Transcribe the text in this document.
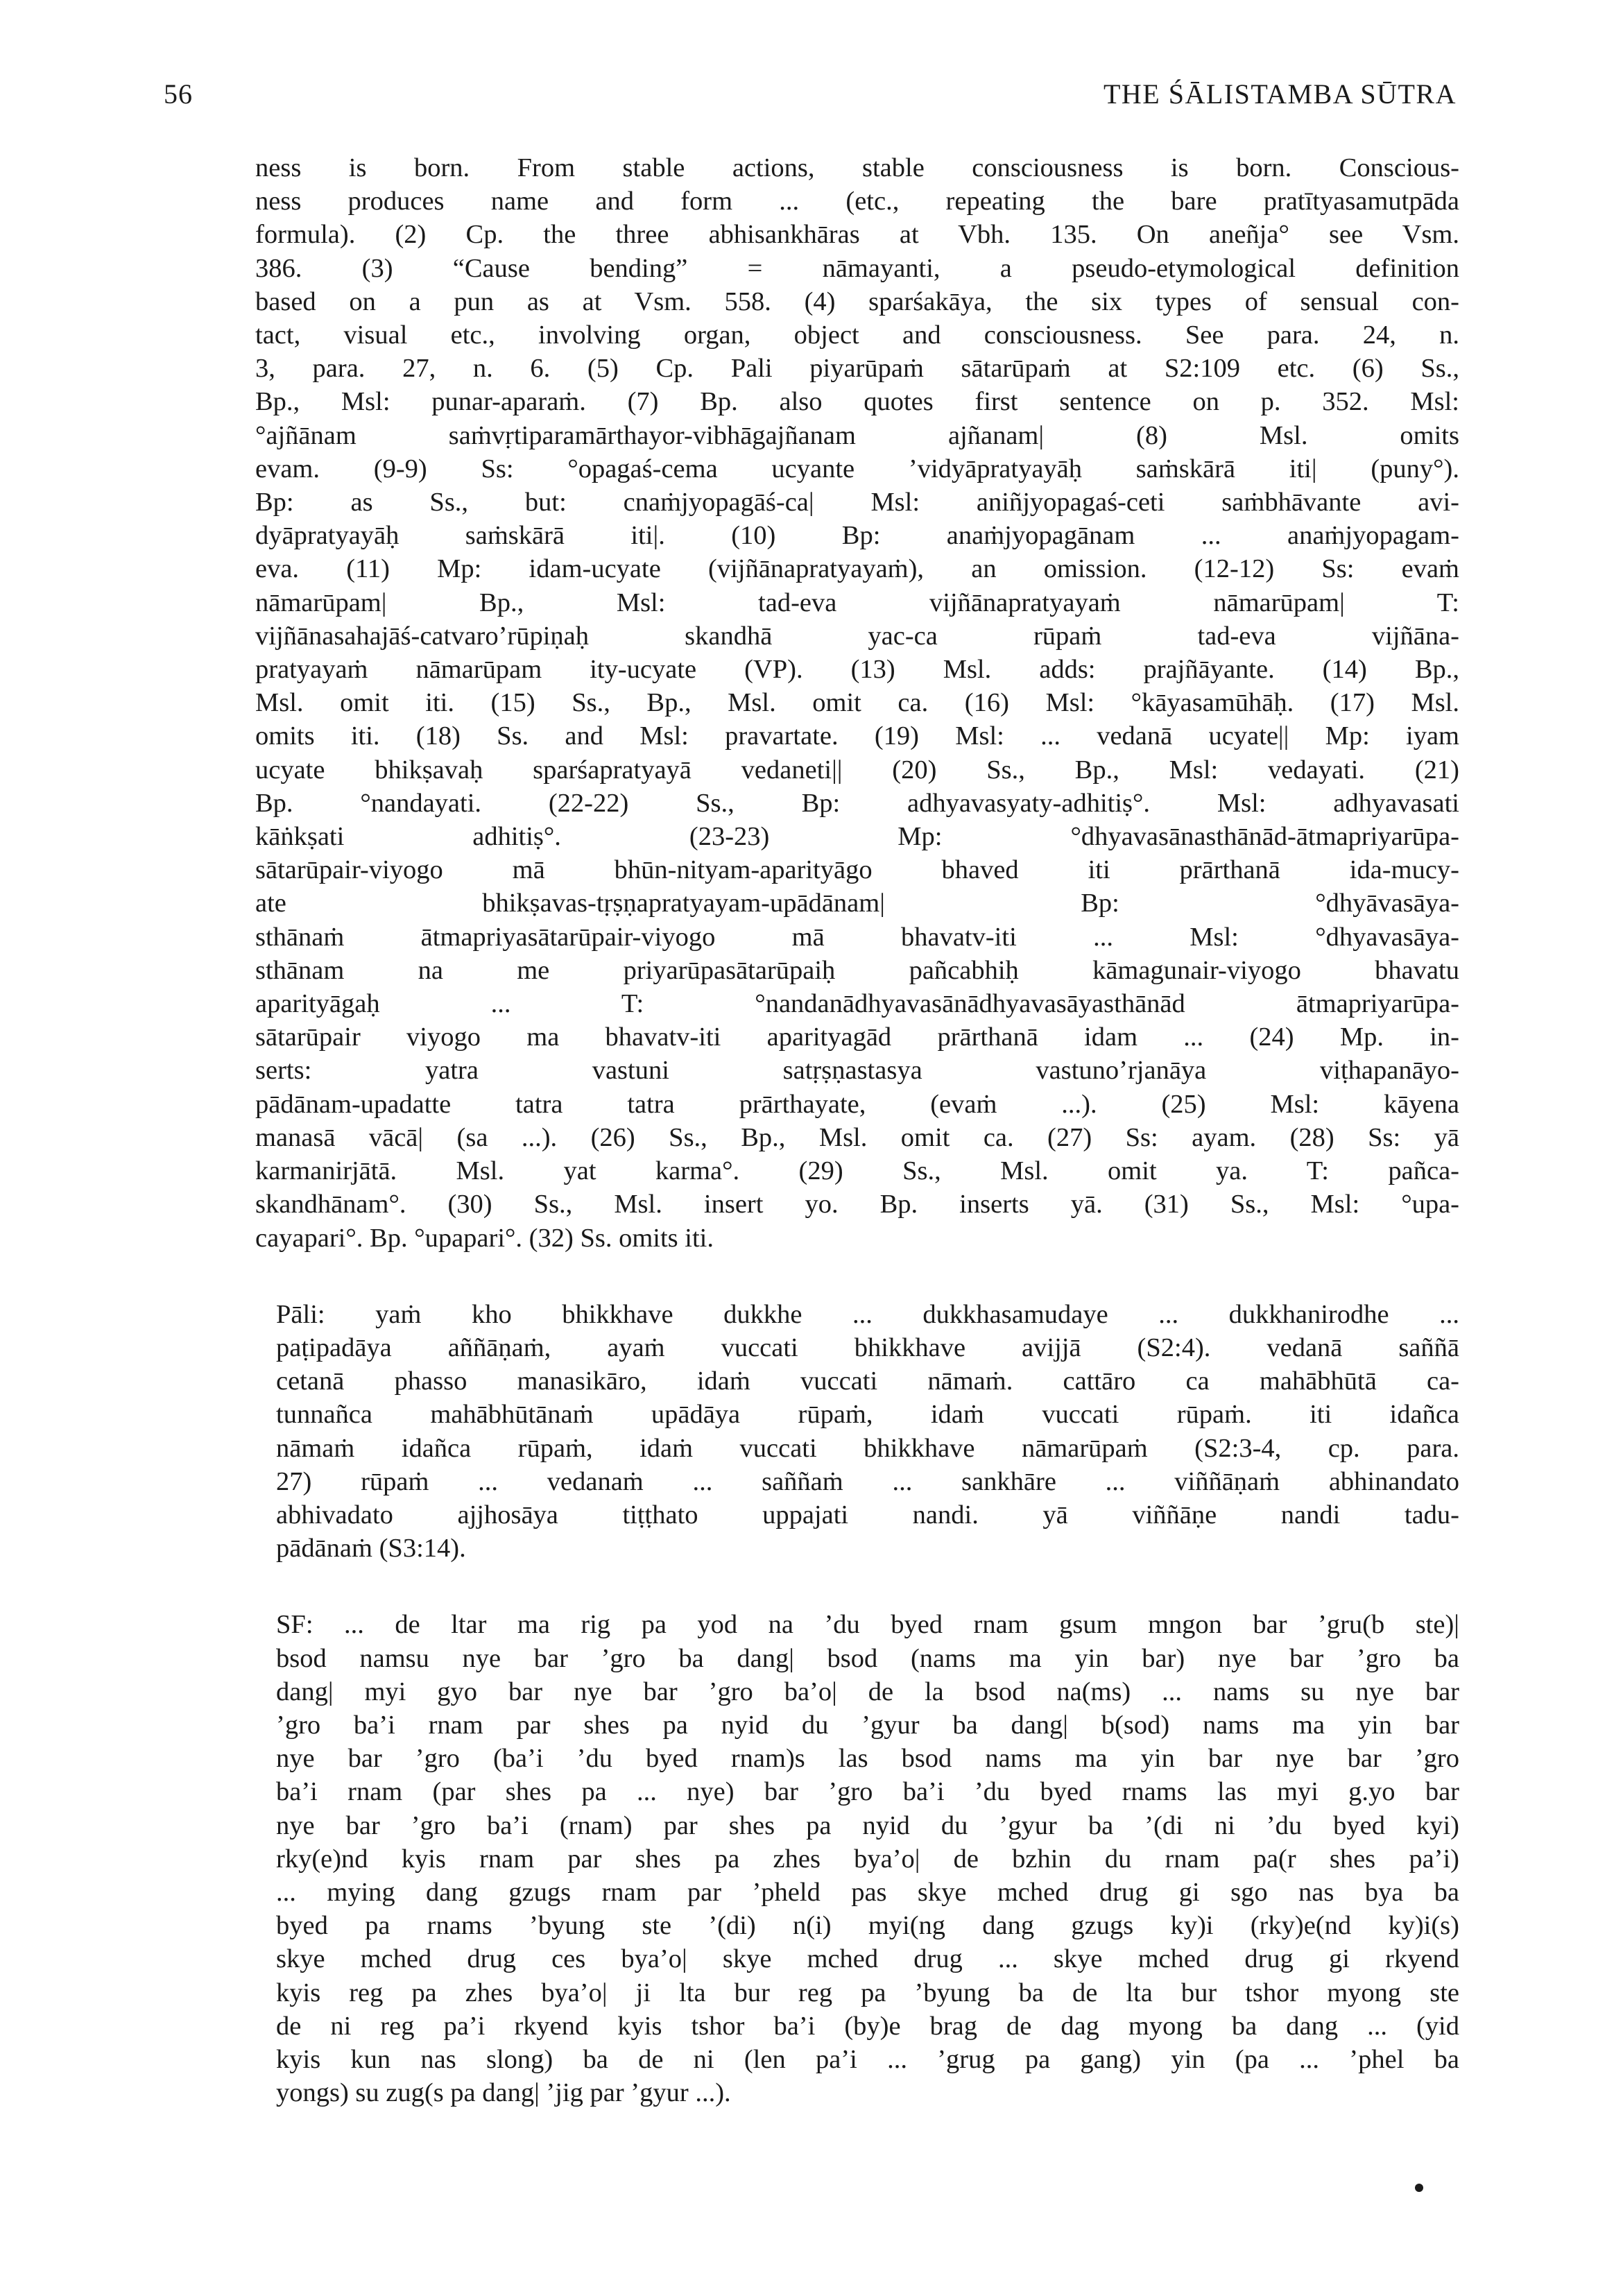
56	THE ŚĀLISTAMBA SŪTRA
ness is born. From stable actions, stable consciousness is born. Conscious-
ness produces name and form ... (etc., repeating the bare pratītyasamutpāda
formula). (2) Cp. the three abhisankhāras at Vbh. 135. On aneñja° see Vsm.
386. (3) “Cause bending” = nāmayanti, a pseudo-etymological definition
based on a pun as at Vsm. 558. (4) sparśakāya, the six types of sensual con-
tact, visual etc., involving organ, object and consciousness. See para. 24, n.
3, para. 27, n. 6. (5) Cp. Pali piyarūpaṁ sātarūpaṁ at S2:109 etc. (6) Ss.,
Bp., Msl: punar-aparaṁ. (7) Bp. also quotes first sentence on p. 352. Msl:
°ajñānam saṁvṛtiparamārthayor-vibhāgajñanam ajñanam| (8) Msl. omits
evam. (9-9) Ss: °opagaś-cema ucyante ’vidyāpratyayāḥ saṁskārā iti| (puny°).
Bp: as Ss., but: cnaṁjyopagāś-ca| Msl: aniñjyopagaś-ceti saṁbhāvante avi-
dyāpratyayāḥ saṁskārā iti|. (10) Bp: anaṁjyopagānam ... anaṁjyopagam-
eva. (11) Mp: idam-ucyate (vijñānapratyayaṁ), an omission. (12-12) Ss: evaṁ
nāmarūpam| Bp., Msl: tad-eva vijñānapratyayaṁ nāmarūpam| T:
vijñānasahajāś-catvaro’rūpiṇaḥ skandhā yac-ca rūpaṁ tad-eva vijñāna-
pratyayaṁ nāmarūpam ity-ucyate (VP). (13) Msl. adds: prajñāyante. (14) Bp.,
Msl. omit iti. (15) Ss., Bp., Msl. omit ca. (16) Msl: °kāyasamūhāḥ. (17) Msl.
omits iti. (18) Ss. and Msl: pravartate. (19) Msl: ... vedanā ucyate|| Mp: iyam
ucyate bhikṣavaḥ sparśapratyayā vedaneti|| (20) Ss., Bp., Msl: vedayati. (21)
Bp. °nandayati. (22-22) Ss., Bp: adhyavasyaty-adhitiṣ°. Msl: adhyavasati
kāṅkṣati adhitiṣ°. (23-23) Mp: °dhyavasānasthānād-ātmapriyarūpa-
sātarūpair-viyogo mā bhūn-nityam-aparityāgo bhaved iti prārthanā ida-mucy-
ate bhikṣavas-tṛṣṇapratyayam-upādānam| Bp: °dhyāvasāya-
sthānaṁ ātmapriyasātarūpair-viyogo mā bhavatv-iti ... Msl: °dhyavasāya-
sthānam na me priyarūpasātarūpaiḥ pañcabhiḥ kāmagunair-viyogo bhavatu
aparityāgaḥ ... T: °nandanādhyavasānādhyavasāyasthānād ātmapriyarūpa-
sātarūpair viyogo ma bhavatv-iti aparityagād prārthanā idam ... (24) Mp. in-
serts: yatra vastuni satṛṣṇastasya vastuno’rjanāya viṭhapanāyo-
pādānam-upadatte tatra tatra prārthayate, (evaṁ ...). (25) Msl: kāyena
manasā vācā| (sa ...). (26) Ss., Bp., Msl. omit ca. (27) Ss: ayam. (28) Ss: yā
karmanirjātā. Msl. yat karma°. (29) Ss., Msl. omit ya. T: pañca-
skandhānam°. (30) Ss., Msl. insert yo. Bp. inserts yā. (31) Ss., Msl: °upa-
cayapari°. Bp. °upapari°. (32) Ss. omits iti.
Pāli: yaṁ kho bhikkhave dukkhe ... dukkhasamudaye ... dukkhanirodhe ...
paṭipadāya aññāṇaṁ, ayaṁ vuccati bhikkhave avijjā (S2:4). vedanā saññā
cetanā phasso manasikāro, idaṁ vuccati nāmaṁ. cattāro ca mahābhūtā ca-
tunnañca mahābhūtānaṁ upādāya rūpaṁ, idaṁ vuccati rūpaṁ. iti idañca
nāmaṁ idañca rūpaṁ, idaṁ vuccati bhikkhave nāmarūpaṁ (S2:3-4, cp. para.
27) rūpaṁ ... vedanaṁ ... saññaṁ ... sankhāre ... viññāṇaṁ abhinandato
abhivadato ajjhosāya tiṭṭhato uppajati nandi. yā viññāṇe nandi tadu-
pādānaṁ (S3:14).
SF: ... de ltar ma rig pa yod na ’du byed rnam gsum mngon bar ’gru(b ste)|
bsod namsu nye bar ’gro ba dang| bsod (nams ma yin bar) nye bar ’gro ba
dang| myi gyo bar nye bar ’gro ba’o| de la bsod na(ms) ... nams su nye bar
’gro ba’i rnam par shes pa nyid du ’gyur ba dang| b(sod) nams ma yin bar
nye bar ’gro (ba’i ’du byed rnam)s las bsod nams ma yin bar nye bar ’gro
ba’i rnam (par shes pa ... nye) bar ’gro ba’i ’du byed rnams las myi g.yo bar
nye bar ’gro ba’i (rnam) par shes pa nyid du ’gyur ba ’(di ni ’du byed kyi)
rky(e)nd kyis rnam par shes pa zhes bya’o| de bzhin du rnam pa(r shes pa’i)
... mying dang gzugs rnam par ’pheld pas skye mched drug gi sgo nas bya ba
byed pa rnams ’byung ste ’(di) n(i) myi(ng dang gzugs ky)i (rky)e(nd ky)i(s)
skye mched drug ces bya’o| skye mched drug ... skye mched drug gi rkyend
kyis reg pa zhes bya’o| ji lta bur reg pa ’byung ba de lta bur tshor myong ste
de ni reg pa’i rkyend kyis tshor ba’i (by)e brag de dag myong ba dang ... (yid
kyis kun nas slong) ba de ni (len pa’i ... ’grug pa gang) yin (pa ... ’phel ba
yongs) su zug(s pa dang| ’jig par ’gyur ...).
